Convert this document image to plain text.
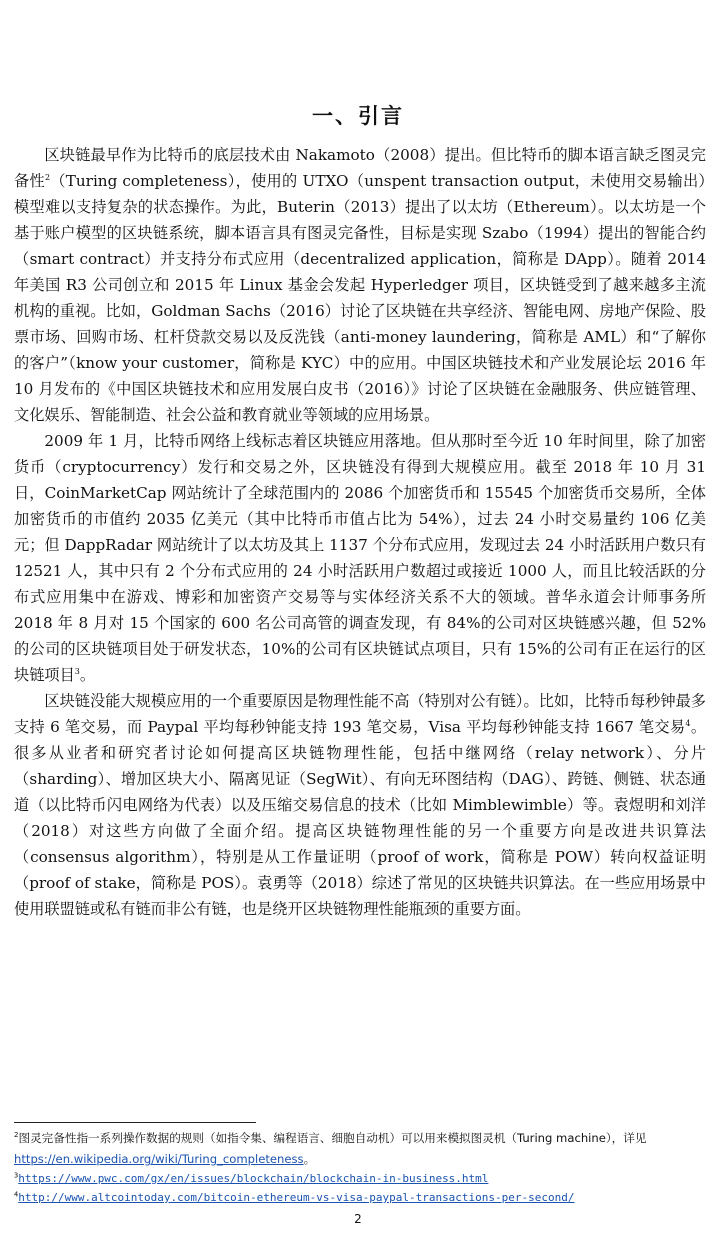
一、引言

区块链最早作为比特币的底层技术由 Nakamoto（2008）提出。但比特币的脚本语言缺乏图灵完备性$^2$（Turing completeness），使用的 UTXO（unspent transaction output，未使用交易输出）模型难以支持复杂的状态操作。为此，Buterin（2013）提出了以太坊（Ethereum）。以太坊是一个基于账户模型的区块链系统，脚本语言具有图灵完备性，目标是实现 Szabo（1994）提出的智能合约（smart contract）并支持分布式应用（decentralized application，简称是 DApp）。随着 2014 年美国 R3 公司创立和 2015 年 Linux 基金会发起 Hyperledger 项目，区块链受到了越来越多主流机构的重视。比如，Goldman Sachs（2016）讨论了区块链在共享经济、智能电网、房地产保险、股票市场、回购市场、杠杆贷款交易以及反洗钱（anti-money laundering，简称是 AML）和“了解你的客户”（know your customer，简称是 KYC）中的应用。中国区块链技术和产业发展论坛 2016 年 10 月发布的《中国区块链技术和应用发展白皮书（2016）》讨论了区块链在金融服务、供应链管理、文化娱乐、智能制造、社会公益和教育就业等领域的应用场景。

2009 年 1 月，比特币网络上线标志着区块链应用落地。但从那时至今近 10 年时间里，除了加密货币（cryptocurrency）发行和交易之外，区块链没有得到大规模应用。截至 2018 年 10 月 31 日，CoinMarketCap 网站统计了全球范围内的 2086 个加密货币和 15545 个加密货币交易所，全体加密货币的市值约 2035 亿美元（其中比特币市值占比为 54%），过去 24 小时交易量约 106 亿美元；但 DappRadar 网站统计了以太坊及其上 1137 个分布式应用，发现过去 24 小时活跃用户数只有 12521 人，其中只有 2 个分布式应用的 24 小时活跃用户数超过或接近 1000 人，而且比较活跃的分布式应用集中在游戏、博彩和加密资产交易等与实体经济关系不大的领域。普华永道会计师事务所 2018 年 8 月对 15 个国家的 600 名公司高管的调查发现，有 84%的公司对区块链感兴趣，但 52%的公司的区块链项目处于研发状态，10%的公司有区块链试点项目，只有 15%的公司有正在运行的区块链项目$^3$。

区块链没能大规模应用的一个重要原因是物理性能不高（特别对公有链）。比如，比特币每秒钟最多支持 6 笔交易，而 Paypal 平均每秒钟能支持 193 笔交易，Visa 平均每秒钟能支持 1667 笔交易$^4$。很多从业者和研究者讨论如何提高区块链物理性能，包括中继网络（relay network）、分片（sharding）、增加区块大小、隔离见证（SegWit）、有向无环图结构（DAG）、跨链、侧链、状态通道（以比特币闪电网络为代表）以及压缩交易信息的技术（比如 Mimblewimble）等。袁煜明和刘洋（2018）对这些方向做了全面介绍。提高区块链物理性能的另一个重要方向是改进共识算法（consensus algorithm），特别是从工作量证明（proof of work，简称是 POW）转向权益证明（proof of stake，简称是 POS）。袁勇等（2018）综述了常见的区块链共识算法。在一些应用场景中使用联盟链或私有链而非公有链，也是绕开区块链物理性能瓶颈的重要方面。

$^2$图灵完备性指一系列操作数据的规则（如指令集、编程语言、细胞自动机）可以用来模拟图灵机（Turing machine），详见 https://en.wikipedia.org/wiki/Turing_completeness。
$^3$https://www.pwc.com/gx/en/issues/blockchain/blockchain-in-business.html
$^4$http://www.altcointoday.com/bitcoin-ethereum-vs-visa-paypal-transactions-per-second/
2
